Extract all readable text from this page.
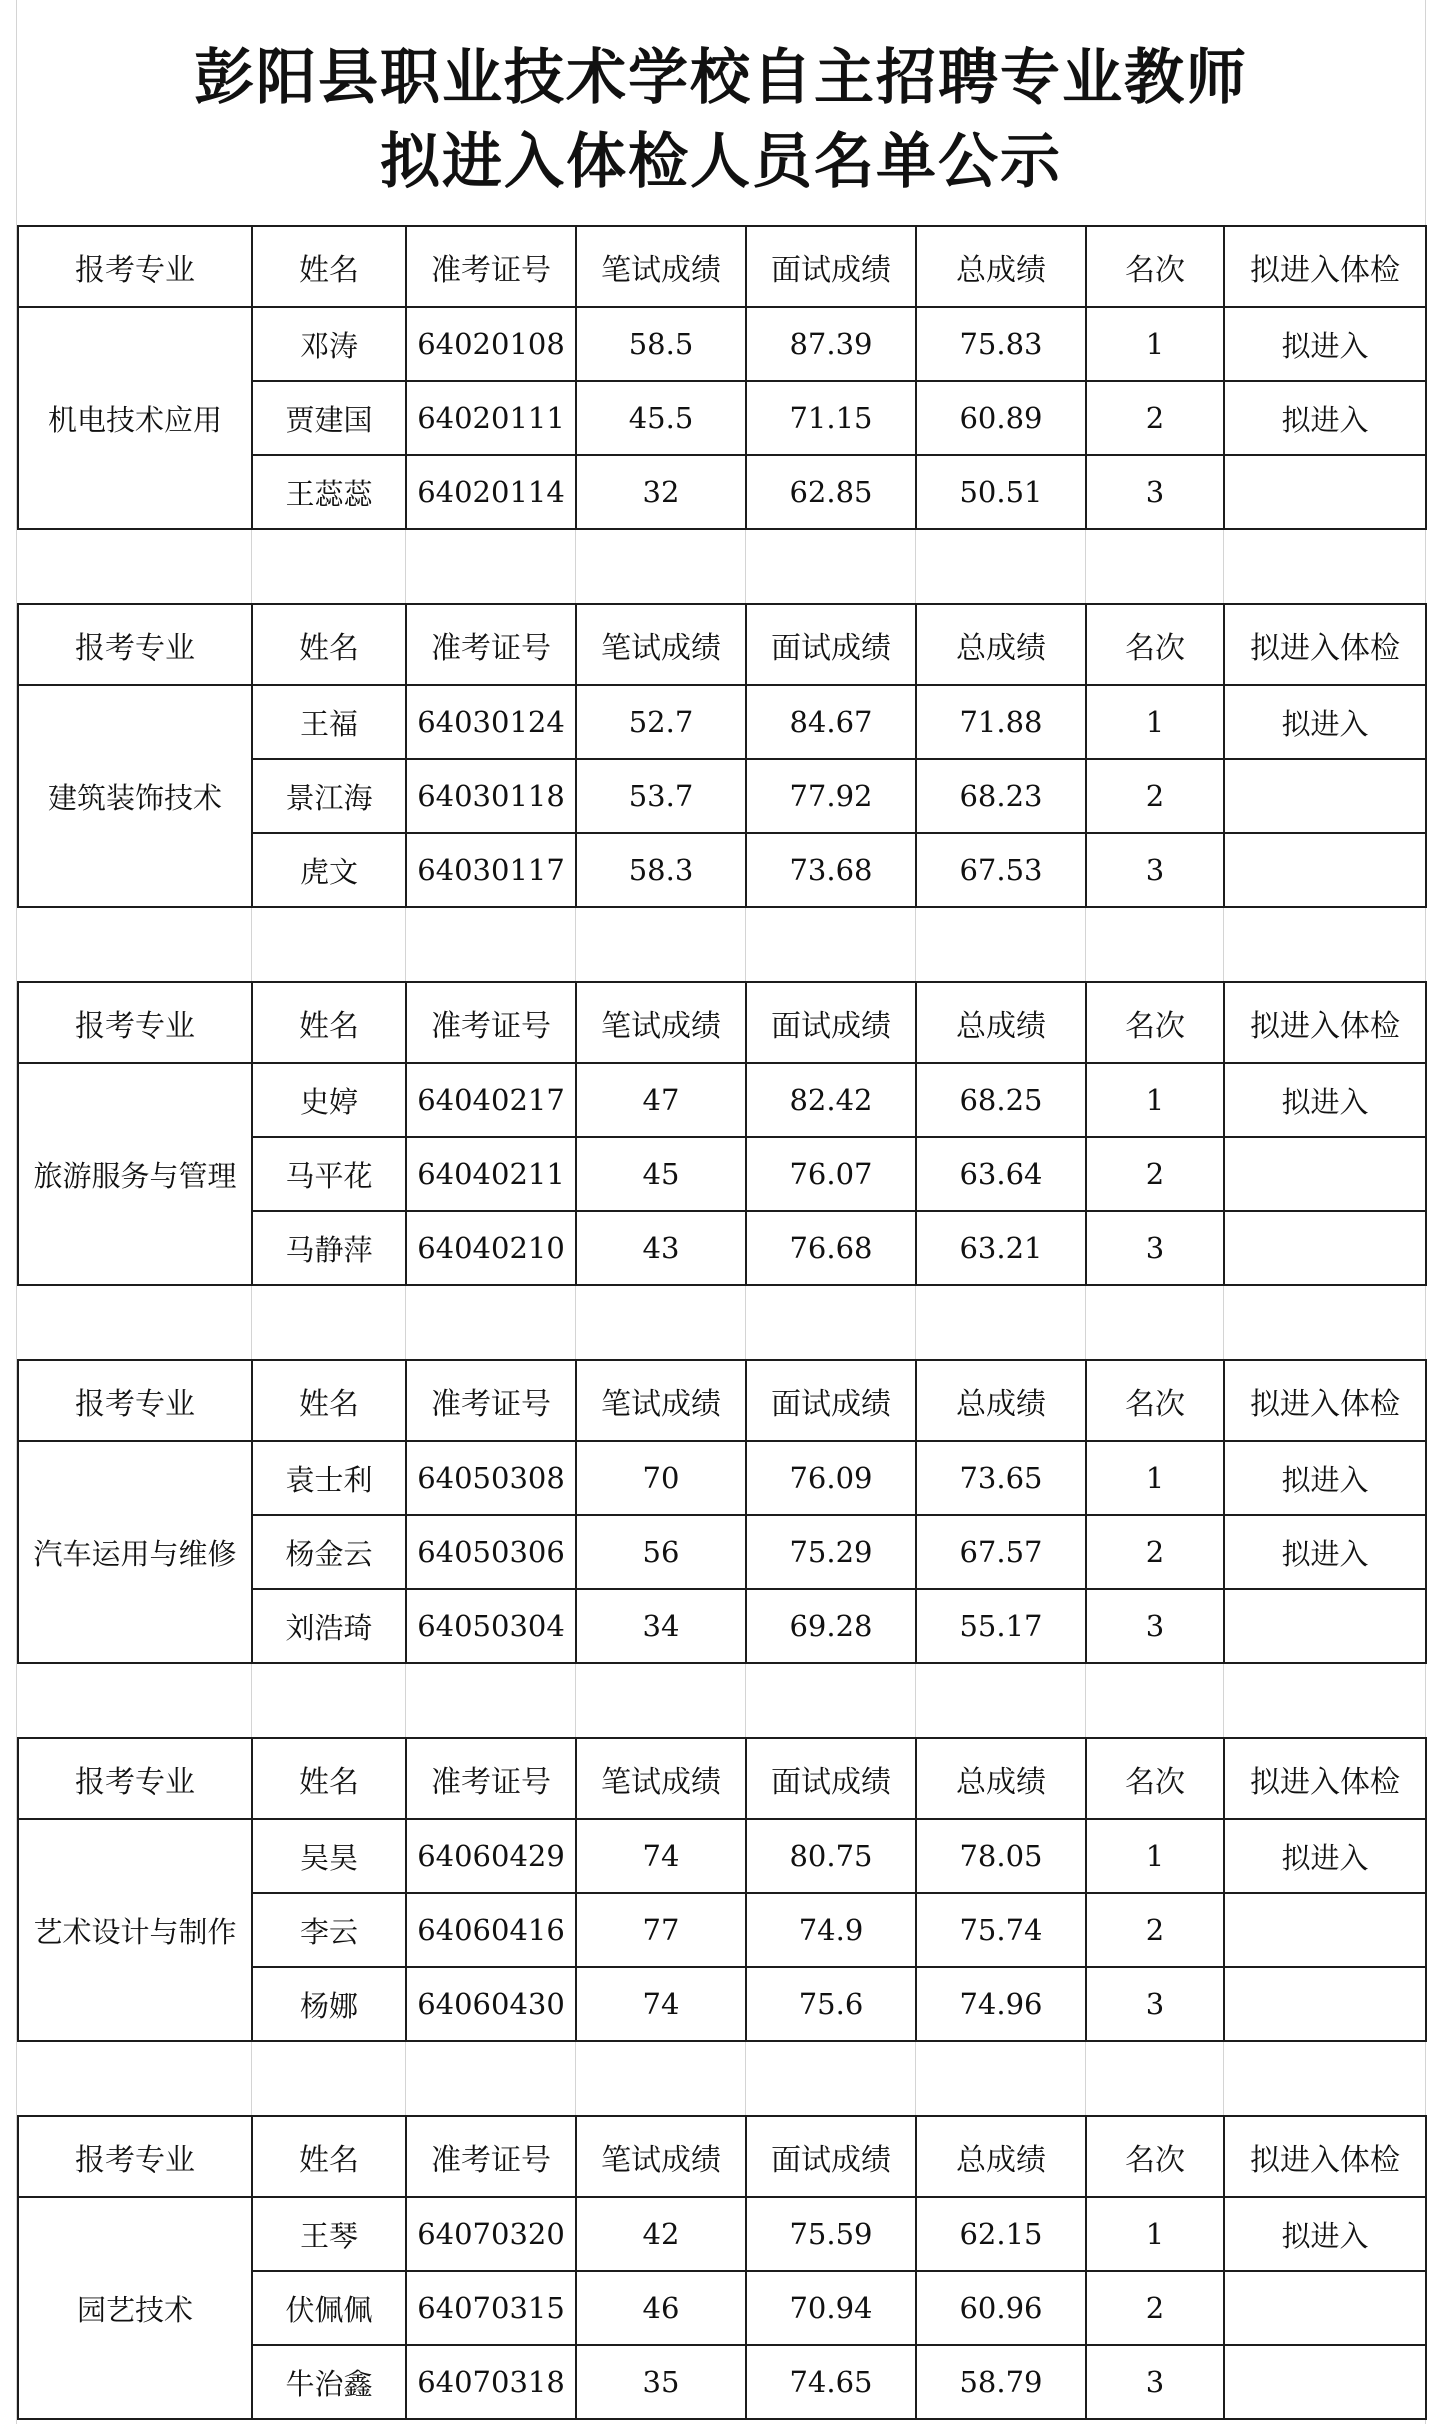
彭阳县职业技术学校自主招聘专业教师
拟进入体检人员名单公示
报考专业	姓名	准考证号	笔试成绩	面试成绩	总成绩	名次	拟进入体检
机电技术应用	邓涛	64020108	58.5	87.39	75.83	1	拟进入
	贾建国	64020111	45.5	71.15	60.89	2	拟进入
	王蕊蕊	64020114	32	62.85	50.51	3	
报考专业	姓名	准考证号	笔试成绩	面试成绩	总成绩	名次	拟进入体检
建筑装饰技术	王福	64030124	52.7	84.67	71.88	1	拟进入
	景江海	64030118	53.7	77.92	68.23	2	
	虎文	64030117	58.3	73.68	67.53	3	
报考专业	姓名	准考证号	笔试成绩	面试成绩	总成绩	名次	拟进入体检
旅游服务与管理	史婷	64040217	47	82.42	68.25	1	拟进入
	马平花	64040211	45	76.07	63.64	2	
	马静萍	64040210	43	76.68	63.21	3	
报考专业	姓名	准考证号	笔试成绩	面试成绩	总成绩	名次	拟进入体检
汽车运用与维修	袁士利	64050308	70	76.09	73.65	1	拟进入
	杨金云	64050306	56	75.29	67.57	2	拟进入
	刘浩琦	64050304	34	69.28	55.17	3	
报考专业	姓名	准考证号	笔试成绩	面试成绩	总成绩	名次	拟进入体检
艺术设计与制作	吴昊	64060429	74	80.75	78.05	1	拟进入
	李云	64060416	77	74.9	75.74	2	
	杨娜	64060430	74	75.6	74.96	3	
报考专业	姓名	准考证号	笔试成绩	面试成绩	总成绩	名次	拟进入体检
园艺技术	王琴	64070320	42	75.59	62.15	1	拟进入
	伏佩佩	64070315	46	70.94	60.96	2	
	牛治鑫	64070318	35	74.65	58.79	3	
